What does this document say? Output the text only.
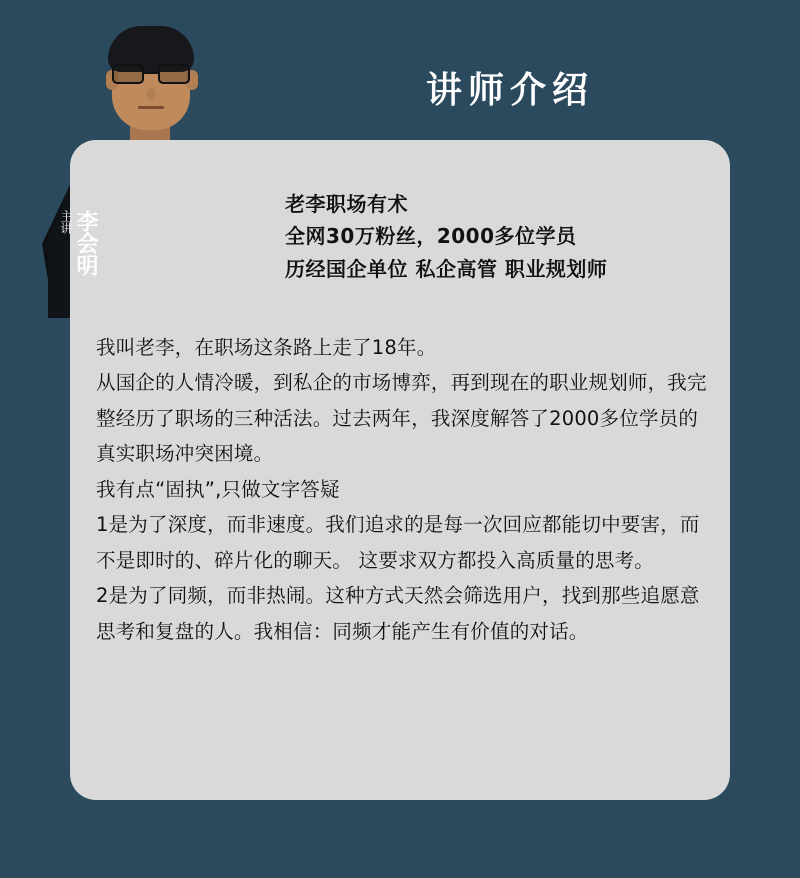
讲师介绍
主讲 李会明
老李职场有术
全网30万粉丝，2000多位学员
历经国企单位 私企高管 职业规划师

我叫老李，在职场这条路上走了18年。

从国企的人情冷暖，到私企的市场博弈，再到现在的职业规划师，我完整经历了职场的三种活法。过去两年，我深度解答了2000多位学员的真实职场冲突困境。

我有点“固执”,只做文字答疑

1是为了深度，而非速度。我们追求的是每一次回应都能切中要害，而不是即时的、碎片化的聊天。 这要求双方都投入高质量的思考。

2是为了同频，而非热闹。这种方式天然会筛选用户，找到那些追愿意思考和复盘的人。我相信：同频才能产生有价值的对话。
